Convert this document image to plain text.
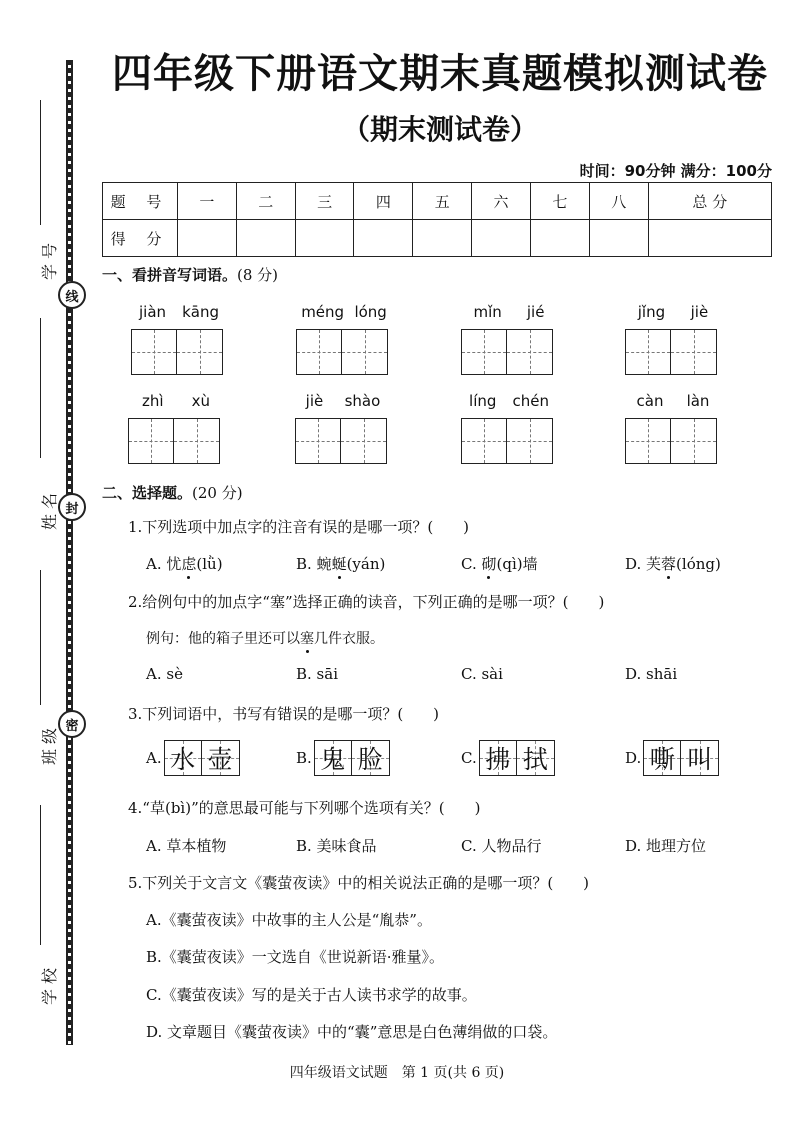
线
封
密
学 号
姓 名
班 级
学 校
四年级下册语文期末真题模拟测试卷
（期末测试卷）
时间：90分钟 满分：100分
题 号	一	二	三	四	五	六	七	八	总 分
得 分									
一、看拼音写词语。(8 分)
jiàn kāng	méng lóng	mǐn jié	jǐng jiè
zhì xù	jiè shào	líng chén	càn làn
二、选择题。(20 分)
1.下列选项中加点字的注音有误的是哪一项？(　　)
A. 忧虑(lǜ)	B. 蜿蜒(yán)	C. 砌(qì)墙	D. 芙蓉(lóng)
2.给例句中的加点字“塞”选择正确的读音，下列正确的是哪一项？(　　)
例句：他的箱子里还可以塞几件衣服。
A. sè	B. sāi	C. sài	D. shāi
3.下列词语中，书写有错误的是哪一项？(　　)
A. 水 壶	B. 鬼 脸	C. 拂 拭	D. 嘶 叫
4.“草(bì)”的意思最可能与下列哪个选项有关？(　　)
A. 草本植物	B. 美味食品	C. 人物品行	D. 地理方位
5.下列关于文言文《囊萤夜读》中的相关说法正确的是哪一项？(　　)
A.《囊萤夜读》中故事的主人公是“胤恭”。
B.《囊萤夜读》一文选自《世说新语·雅量》。
C.《囊萤夜读》写的是关于古人读书求学的故事。
D. 文章题目《囊萤夜读》中的“囊”意思是白色薄绢做的口袋。
四年级语文试题　第 1 页(共 6 页)
